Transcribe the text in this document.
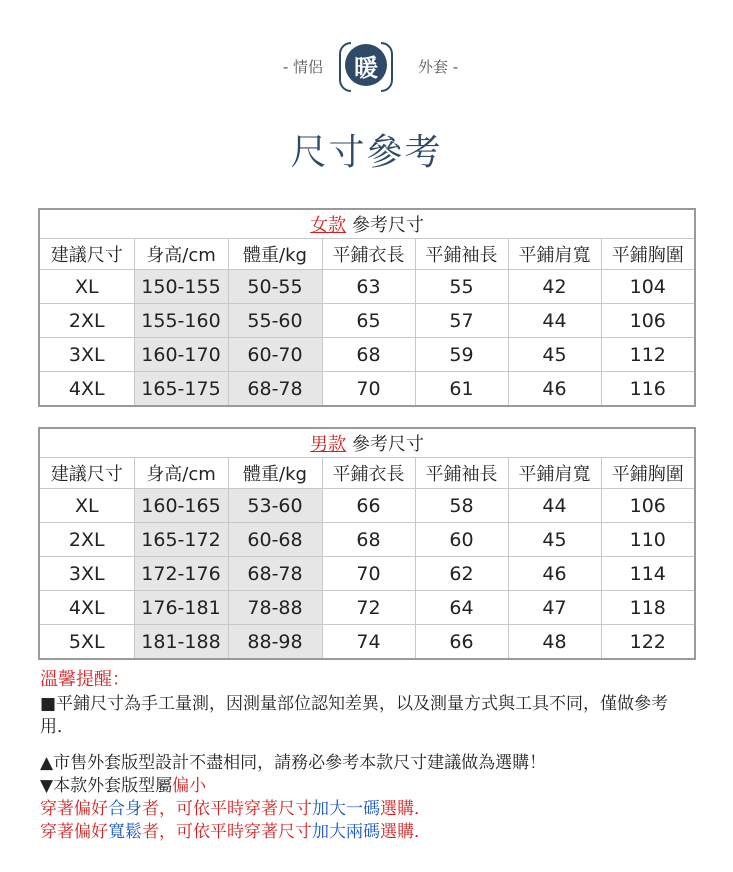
- 情侶	暖	外套 -
尺寸參考
女款 參考尺寸						
建議尺寸	身高/cm	體重/kg	平鋪衣長	平鋪袖長	平鋪肩寬	平鋪胸圍
XL	150-155	50-55	63	55	42	104
2XL	155-160	55-60	65	57	44	106
3XL	160-170	60-70	68	59	45	112
4XL	165-175	68-78	70	61	46	116
男款 參考尺寸						
建議尺寸	身高/cm	體重/kg	平鋪衣長	平鋪袖長	平鋪肩寬	平鋪胸圍
XL	160-165	53-60	66	58	44	106
2XL	165-172	60-68	68	60	45	110
3XL	172-176	68-78	70	62	46	114
4XL	176-181	78-88	72	64	47	118
5XL	181-188	88-98	74	66	48	122
溫馨提醒：

■平鋪尺寸為手工量測，因測量部位認知差異，以及測量方式與工具不同，僅做參考用．

▲市售外套版型設計不盡相同，請務必參考本款尺寸建議做為選購！

▼本款外套版型屬偏小

穿著偏好合身者，可依平時穿著尺寸加大一碼選購．

穿著偏好寬鬆者，可依平時穿著尺寸加大兩碼選購．
